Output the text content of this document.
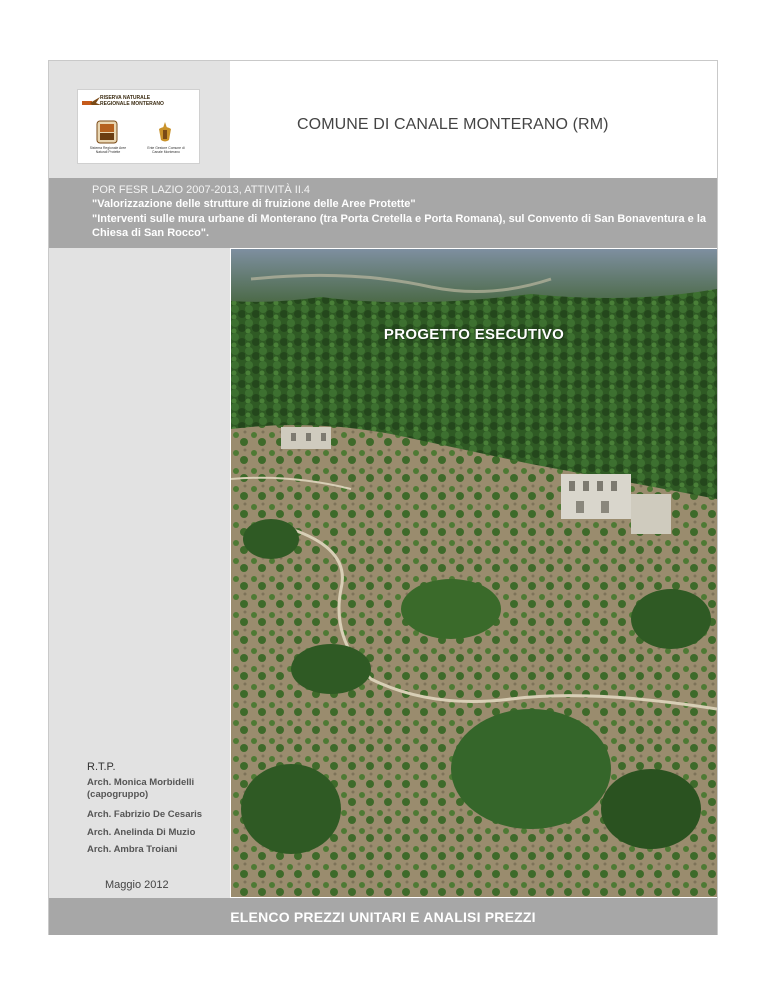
RISERVA NATURALE
REGIONALE MONTERANO
Sistema Regionale Aree Naturali Protette
Ente Gestore Comune di Canale Monterano
COMUNE DI CANALE MONTERANO (RM)
POR FESR LAZIO 2007-2013, ATTIVITÀ II.4
"Valorizzazione delle strutture di fruizione delle Aree Protette"
"Interventi sulle mura urbane di Monterano (tra Porta Cretella e Porta Romana), sul Convento di San Bonaventura e la Chiesa di San Rocco".
PROGETTO ESECUTIVO
R.T.P.
Arch. Monica Morbidelli
(capogruppo)
Arch. Fabrizio De Cesaris
Arch. Anelinda Di Muzio
Arch. Ambra Troiani
Maggio 2012
ELENCO PREZZI UNITARI E ANALISI PREZZI
